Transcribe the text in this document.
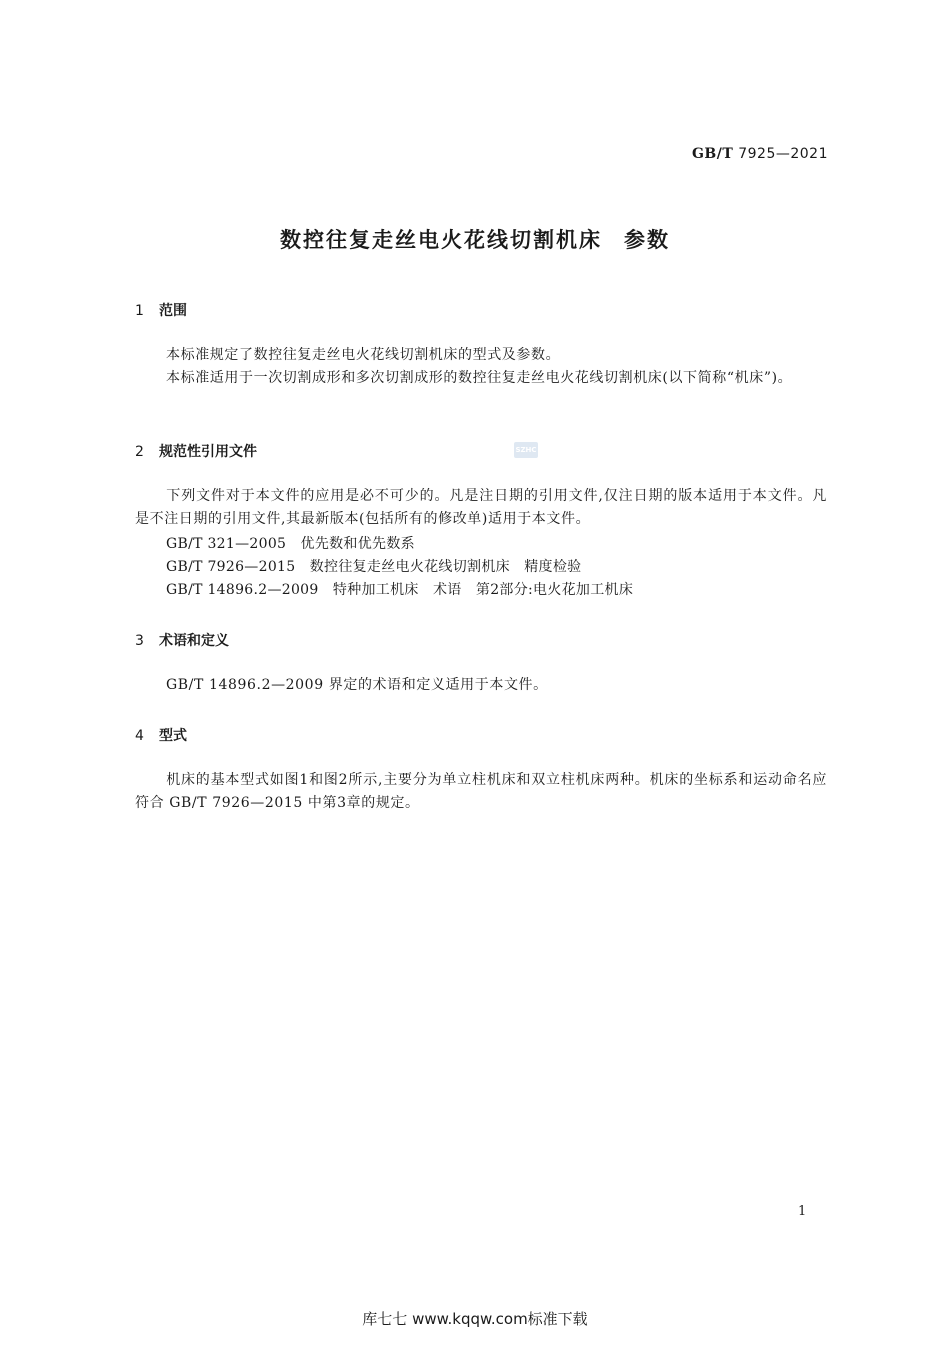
GB/T 7925—2021
数控往复走丝电火花线切割机床 参数
1 范围
本标准规定了数控往复走丝电火花线切割机床的型式及参数。
本标准适用于一次切割成形和多次切割成形的数控往复走丝电火花线切割机床(以下简称“机床”)。
2 规范性引用文件	SZHC
下列文件对于本文件的应用是必不可少的。凡是注日期的引用文件,仅注日期的版本适用于本文件。凡是不注日期的引用文件,其最新版本(包括所有的修改单)适用于本文件。
GB/T 321—2005　优先数和优先数系
GB/T 7926—2015　数控往复走丝电火花线切割机床　精度检验
GB/T 14896.2—2009　特种加工机床　术语　第2部分:电火花加工机床
3 术语和定义
GB/T 14896.2—2009 界定的术语和定义适用于本文件。
4 型式
机床的基本型式如图1和图2所示,主要分为单立柱机床和双立柱机床两种。机床的坐标系和运动命名应符合 GB/T 7926—2015 中第3章的规定。
1
库七七 www.kqqw.com标准下载
